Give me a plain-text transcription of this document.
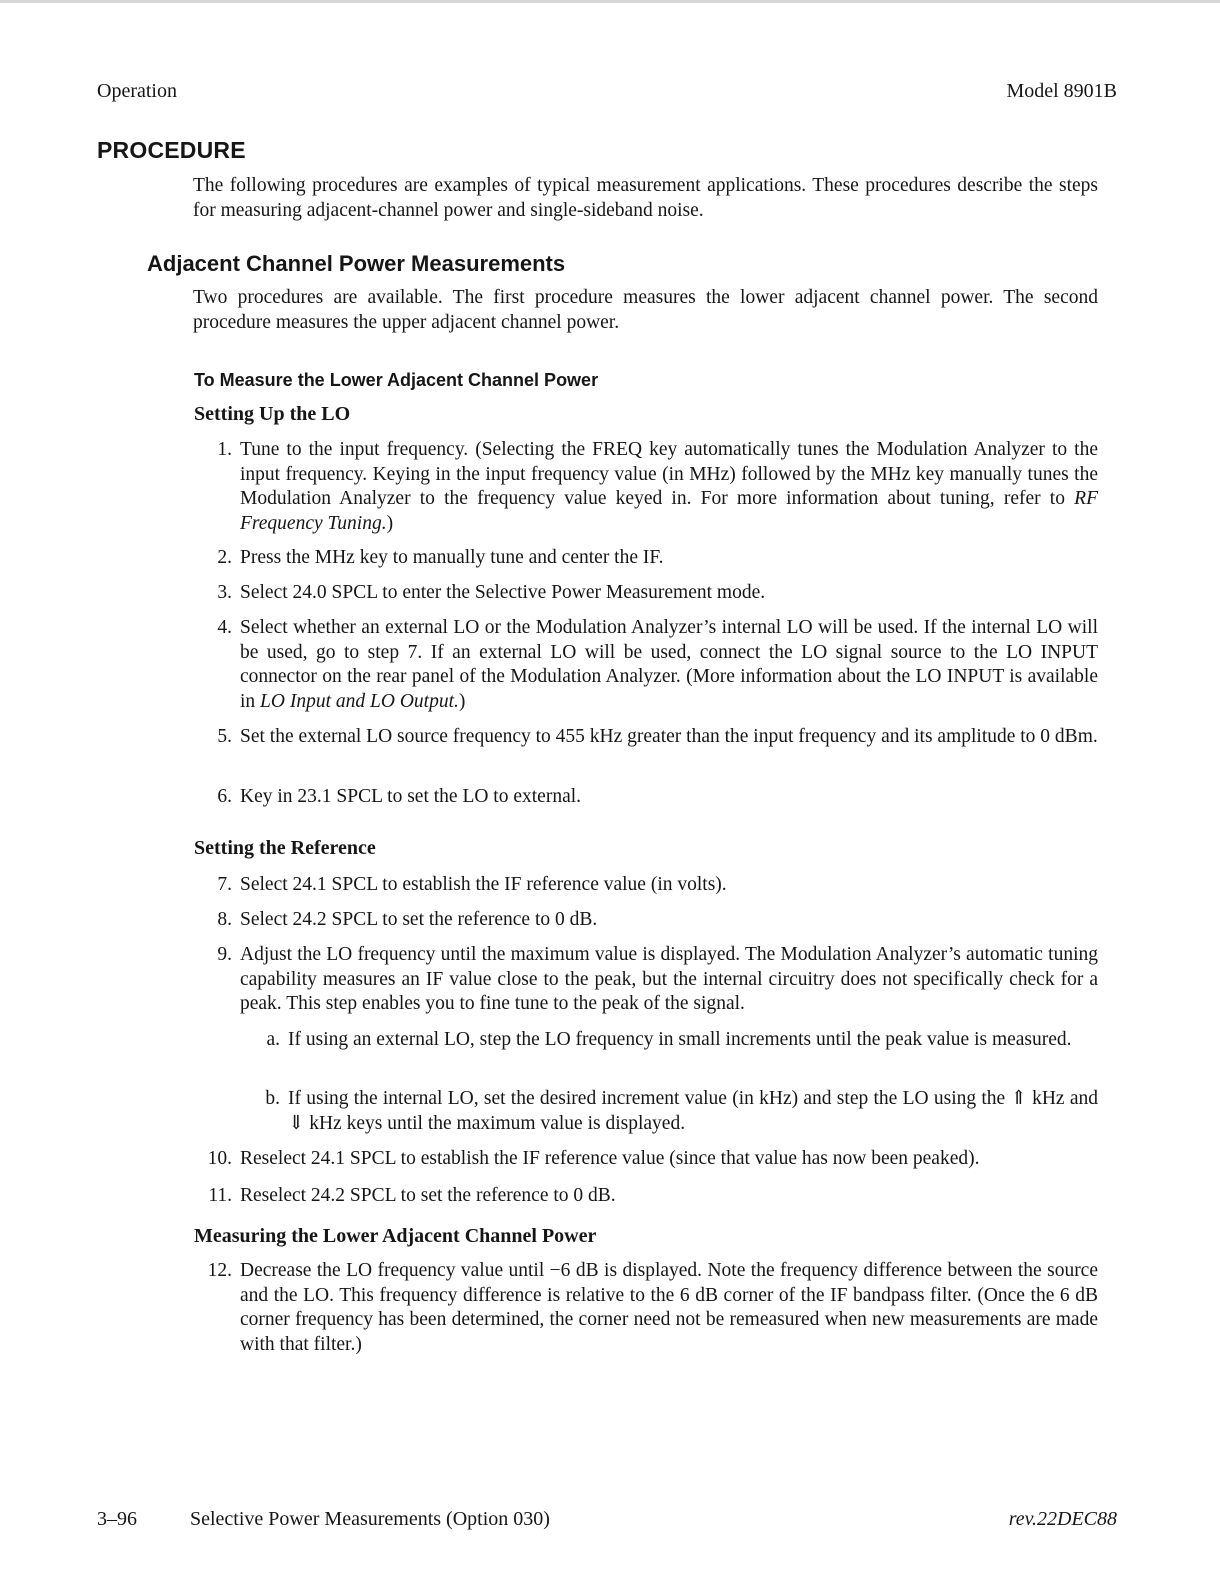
Operation	Model 8901B
PROCEDURE

The following procedures are examples of typical measurement applications. These procedures describe the steps for measuring adjacent-channel power and single-sideband noise.

Adjacent Channel Power Measurements

Two procedures are available. The first procedure measures the lower adjacent channel power. The second procedure measures the upper adjacent channel power.

To Measure the Lower Adjacent Channel Power
Setting Up the LO
1. Tune to the input frequency. (Selecting the FREQ key automatically tunes the Modulation Analyzer to the input frequency. Keying in the input frequency value (in MHz) followed by the MHz key manually tunes the Modulation Analyzer to the frequency value keyed in. For more information about tuning, refer to RF Frequency Tuning.)
2. Press the MHz key to manually tune and center the IF.
3. Select 24.0 SPCL to enter the Selective Power Measurement mode.
4. Select whether an external LO or the Modulation Analyzer’s internal LO will be used. If the internal LO will be used, go to step 7. If an external LO will be used, connect the LO signal source to the LO INPUT connector on the rear panel of the Modulation Analyzer. (More information about the LO INPUT is available in LO Input and LO Output.)
5. Set the external LO source frequency to 455 kHz greater than the input frequency and its amplitude to 0 dBm.
6. Key in 23.1 SPCL to set the LO to external.
Setting the Reference
7. Select 24.1 SPCL to establish the IF reference value (in volts).
8. Select 24.2 SPCL to set the reference to 0 dB.
9. Adjust the LO frequency until the maximum value is displayed. The Modulation Analyzer’s automatic tuning capability measures an IF value close to the peak, but the internal circuitry does not specifically check for a peak. This step enables you to fine tune to the peak of the signal.
a. If using an external LO, step the LO frequency in small increments until the peak value is measured.
b. If using the internal LO, set the desired increment value (in kHz) and step the LO using the ⇑ kHz and ⇓ kHz keys until the maximum value is displayed.
10. Reselect 24.1 SPCL to establish the IF reference value (since that value has now been peaked).
11. Reselect 24.2 SPCL to set the reference to 0 dB.
Measuring the Lower Adjacent Channel Power
12. Decrease the LO frequency value until −6 dB is displayed. Note the frequency difference between the source and the LO. This frequency difference is relative to the 6 dB corner of the IF bandpass filter. (Once the 6 dB corner frequency has been determined, the corner need not be remeasured when new measurements are made with that filter.)
3–96	Selective Power Measurements (Option 030)	rev.22DEC88
